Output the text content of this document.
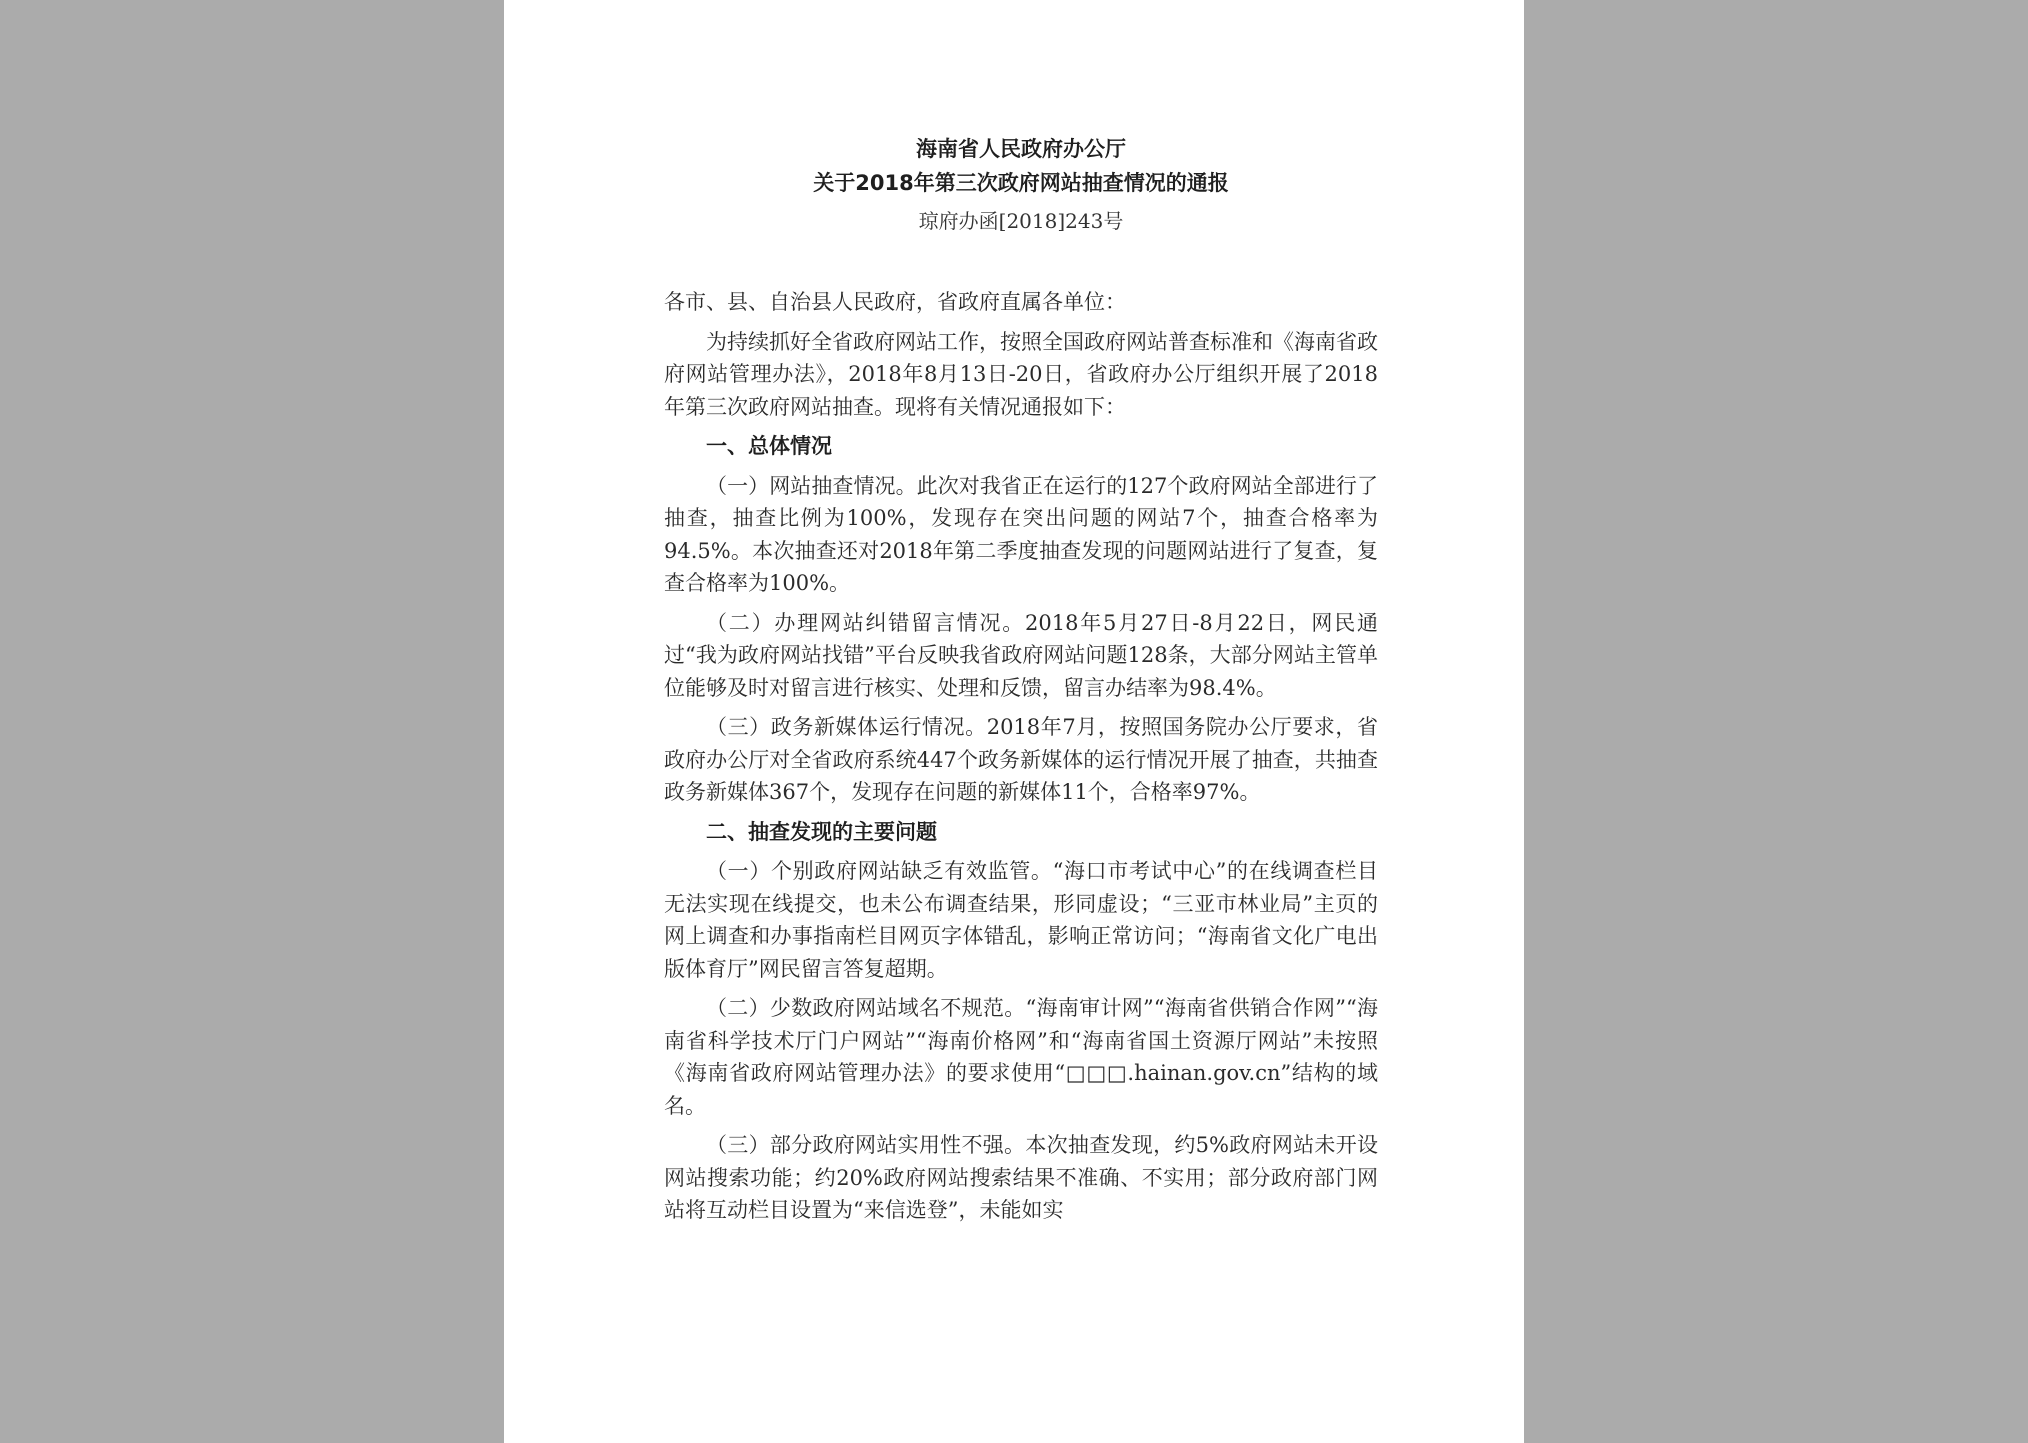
海南省人民政府办公厅

关于2018年第三次政府网站抽查情况的通报

琼府办函[2018]243号

各市、县、自治县人民政府，省政府直属各单位：

为持续抓好全省政府网站工作，按照全国政府网站普查标准和《海南省政府网站管理办法》，2018年8月13日-20日，省政府办公厅组织开展了2018年第三次政府网站抽查。现将有关情况通报如下：

一、总体情况

（一）网站抽查情况。此次对我省正在运行的127个政府网站全部进行了抽查，抽查比例为100%，发现存在突出问题的网站7个，抽查合格率为94.5%。本次抽查还对2018年第二季度抽查发现的问题网站进行了复查，复查合格率为100%。

（二）办理网站纠错留言情况。2018年5月27日-8月22日，网民通过“我为政府网站找错”平台反映我省政府网站问题128条，大部分网站主管单位能够及时对留言进行核实、处理和反馈，留言办结率为98.4%。

（三）政务新媒体运行情况。2018年7月，按照国务院办公厅要求，省政府办公厅对全省政府系统447个政务新媒体的运行情况开展了抽查，共抽查政务新媒体367个，发现存在问题的新媒体11个，合格率97%。

二、抽查发现的主要问题

（一）个别政府网站缺乏有效监管。“海口市考试中心”的在线调查栏目无法实现在线提交，也未公布调查结果，形同虚设；“三亚市林业局”主页的网上调查和办事指南栏目网页字体错乱，影响正常访问；“海南省文化广电出版体育厅”网民留言答复超期。

（二）少数政府网站域名不规范。“海南审计网”“海南省供销合作网”“海南省科学技术厅门户网站”“海南价格网”和“海南省国土资源厅网站”未按照《海南省政府网站管理办法》的要求使用“□□□.hainan.gov.cn”结构的域名。

（三）部分政府网站实用性不强。本次抽查发现，约5%政府网站未开设网站搜索功能；约20%政府网站搜索结果不准确、不实用；部分政府部门网站将互动栏目设置为“来信选登”，未能如实
